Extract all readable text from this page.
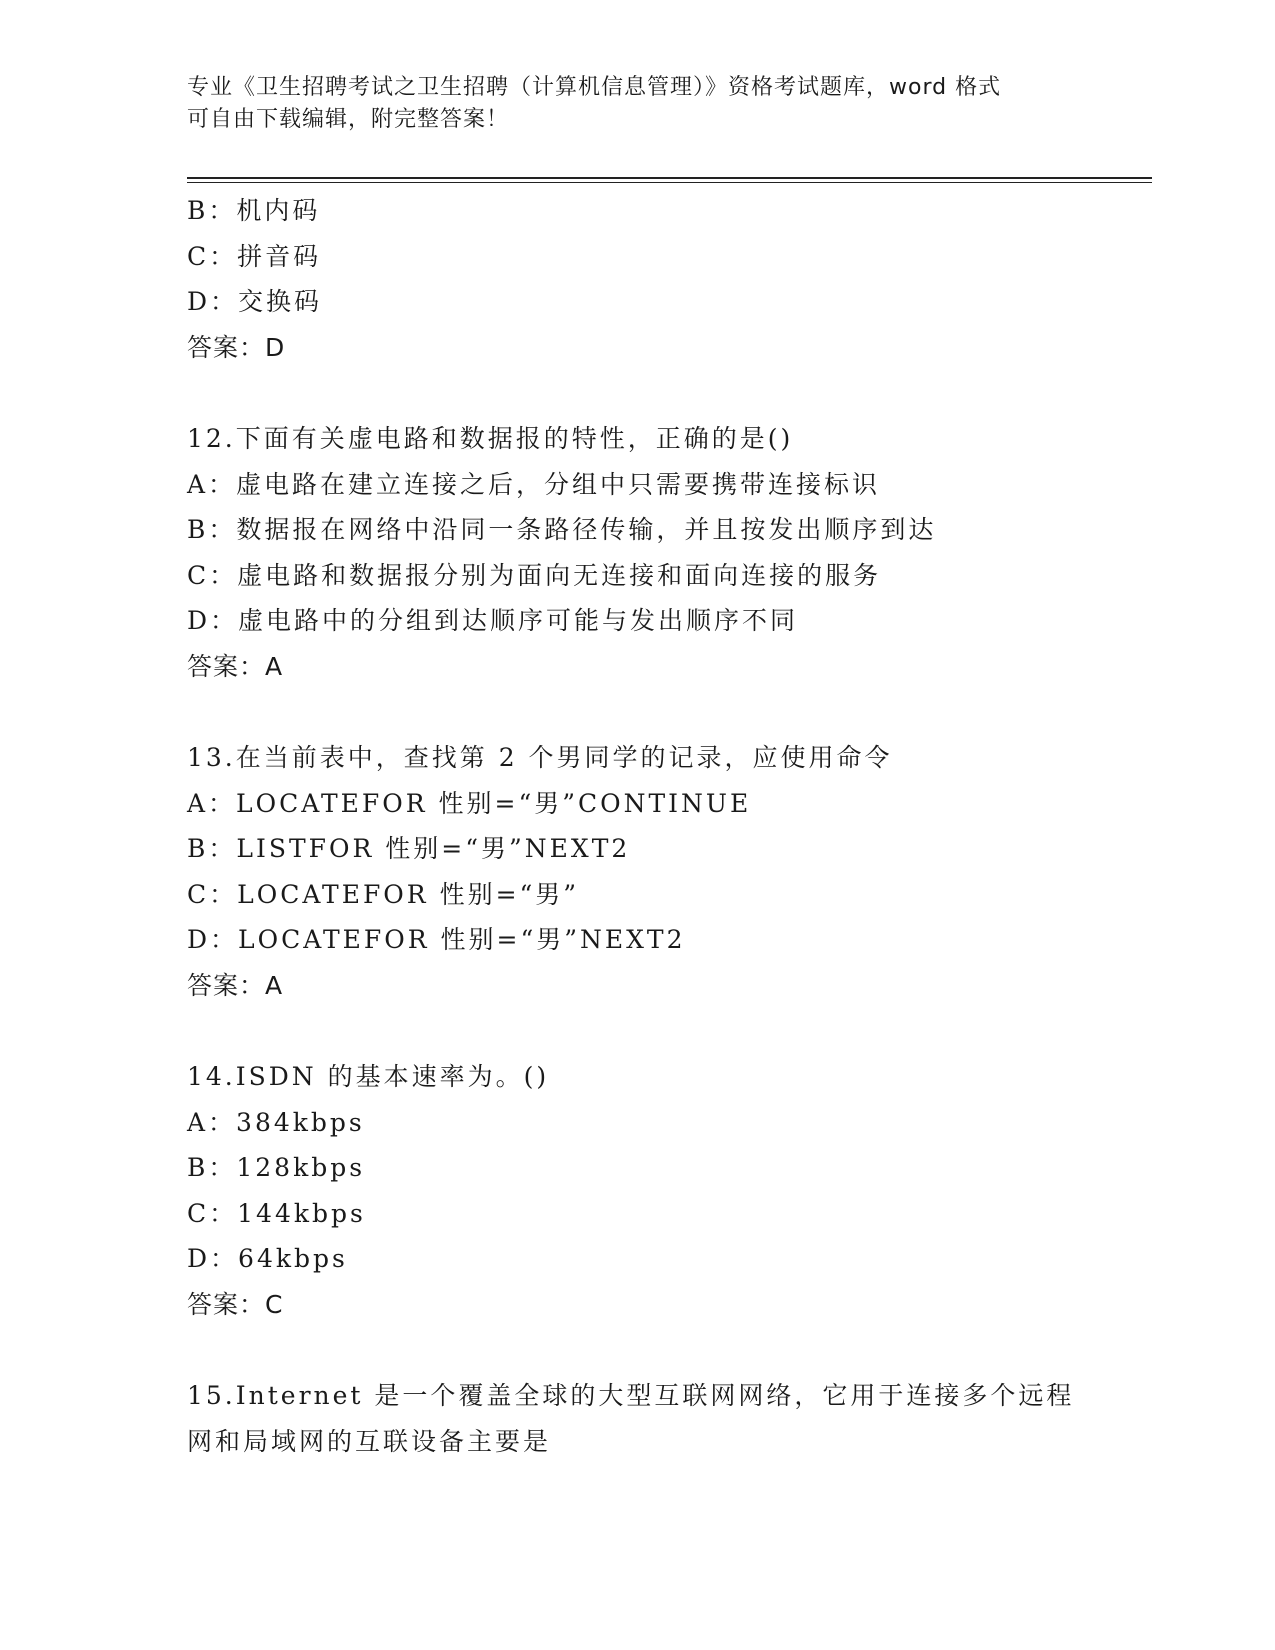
专业《卫生招聘考试之卫生招聘（计算机信息管理）》资格考试题库，word 格式
可自由下载编辑，附完整答案！
B：机内码
C：拼音码
D：交换码
答案：D
12.下面有关虚电路和数据报的特性，正确的是()
A：虚电路在建立连接之后，分组中只需要携带连接标识
B：数据报在网络中沿同一条路径传输，并且按发出顺序到达
C：虚电路和数据报分别为面向无连接和面向连接的服务
D：虚电路中的分组到达顺序可能与发出顺序不同
答案：A
13.在当前表中，查找第 2 个男同学的记录，应使用命令
A：LOCATEFOR 性别=“男”CONTINUE
B：LISTFOR 性别=“男”NEXT2
C：LOCATEFOR 性别=“男”
D：LOCATEFOR 性别=“男”NEXT2
答案：A
14.ISDN 的基本速率为。()
A：384kbps
B：128kbps
C：144kbps
D：64kbps
答案：C
15.Internet 是一个覆盖全球的大型互联网网络，它用于连接多个远程
网和局域网的互联设备主要是
